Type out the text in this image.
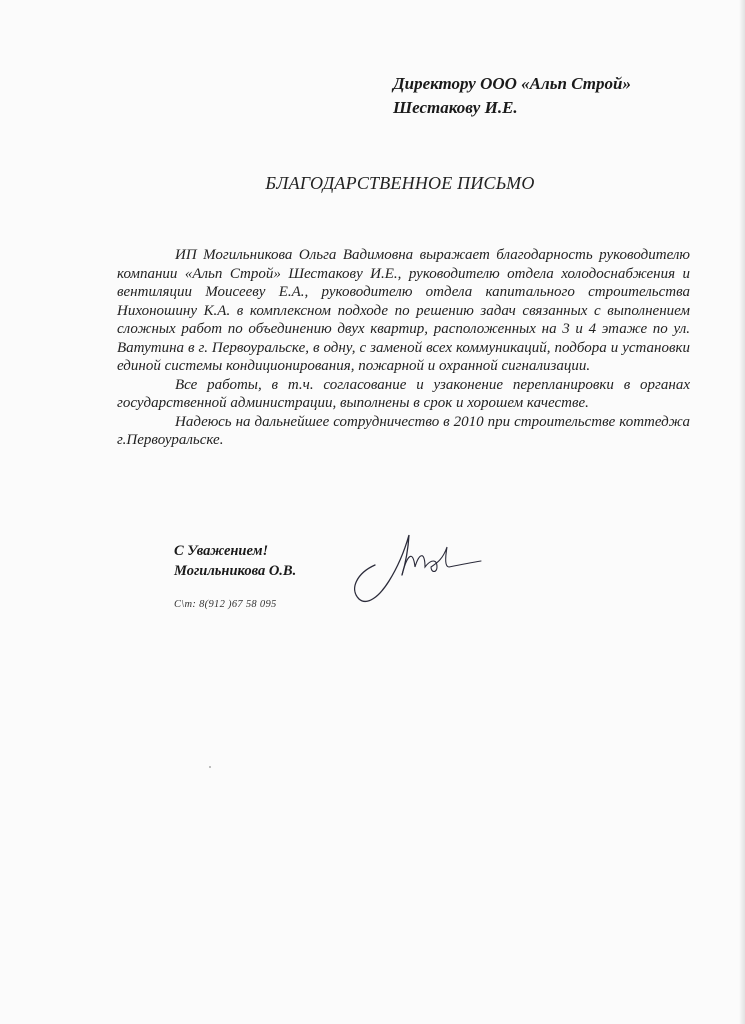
Директору ООО «Альп Строй»
Шестакову И.Е.
БЛАГОДАРСТВЕННОЕ ПИСЬМО

ИП Могильникова Ольга Вадимовна выражает благодарность руководителю компании «Альп Строй» Шестакову И.Е., руководителю отдела холодоснабжения и вентиляции Моисееву Е.А., руководителю отдела капитального строительства Нихоношину К.А. в комплексном подходе по решению задач связанных с выполнением сложных работ по объединению двух квартир, расположенных на 3 и 4 этаже по ул. Ватутина в г. Первоуральске, в одну, с заменой всех коммуникаций, подбора и установки единой системы кондиционирования, пожарной и охранной сигнализации.

Все работы, в т.ч. согласование и узаконение перепланировки в органах государственной администрации, выполнены в срок и хорошем качестве.

Надеюсь на дальнейшее сотрудничество в 2010 при строительстве коттеджа г.Первоуральске.

С Уважением!
Могильникова О.В.
С\т: 8(912 )67 58 095
